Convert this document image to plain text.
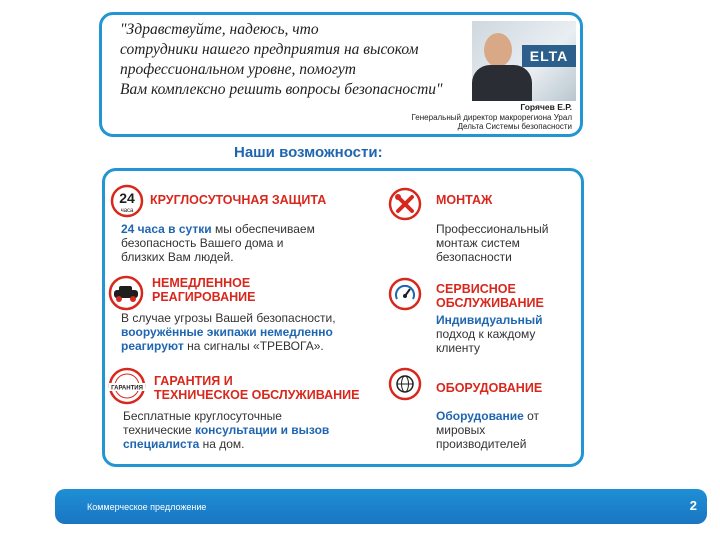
"Здравствуйте, надеюсь, что
сотрудники нашего предприятия на высоком
профессиональном уровне, помогут
Вам комплексно решить вопросы безопасности"
ELTA
Горячев Е.Р.
Генеральный директор макрорегиона Урал
Дельта Системы безопасности
Наши возможности:
24
часа
КРУГЛОСУТОЧНАЯ ЗАЩИТА
24 часа в сутки мы обеспечиваем
безопасность Вашего дома и
близких Вам людей.
НЕМЕДЛЕННОЕ
РЕАГИРОВАНИЕ
В случае угрозы Вашей безопасности,
вооружённые экипажи немедленно
реагируют на сигналы «ТРЕВОГА».
ГАРАНТИЯ
ГАРАНТИЯ И
ТЕХНИЧЕСКОЕ ОБСЛУЖИВАНИЕ
Бесплатные круглосуточные
технические консультации и вызов
специалиста на дом.
МОНТАЖ
Профессиональный
монтаж систем
безопасности
СЕРВИСНОЕ
ОБСЛУЖИВАНИЕ
Индивидуальный
подход к каждому
клиенту
ОБОРУДОВАНИЕ
Оборудование от
мировых
производителей
Коммерческое предложение	2
